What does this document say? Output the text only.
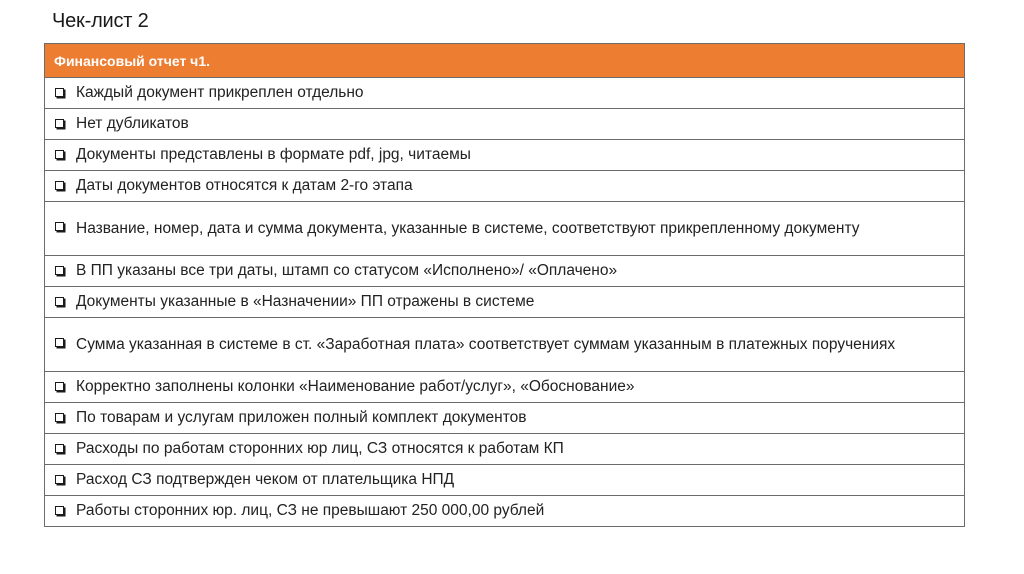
Чек-лист 2
Финансовый отчет ч1.

Каждый документ прикреплен отдельно

Нет дубликатов

Документы представлены в формате pdf, jpg, читаемы

Даты документов относятся к датам 2-го этапа

Название, номер, дата и сумма документа, указанные в системе, соответствуют прикрепленному документу

В ПП указаны все три даты, штамп со статусом «Исполнено»/ «Оплачено»

Документы указанные в «Назначении» ПП отражены в системе

Сумма указанная в системе в ст. «Заработная плата» соответствует суммам указанным в платежных поручениях

Корректно заполнены колонки «Наименование работ/услуг», «Обоснование»

По товарам и услугам приложен полный комплект документов

Расходы по работам сторонних юр лиц, СЗ относятся к работам КП

Расход СЗ подтвержден чеком от плательщика НПД

Работы сторонних юр. лиц, СЗ не превышают 250 000,00 рублей
